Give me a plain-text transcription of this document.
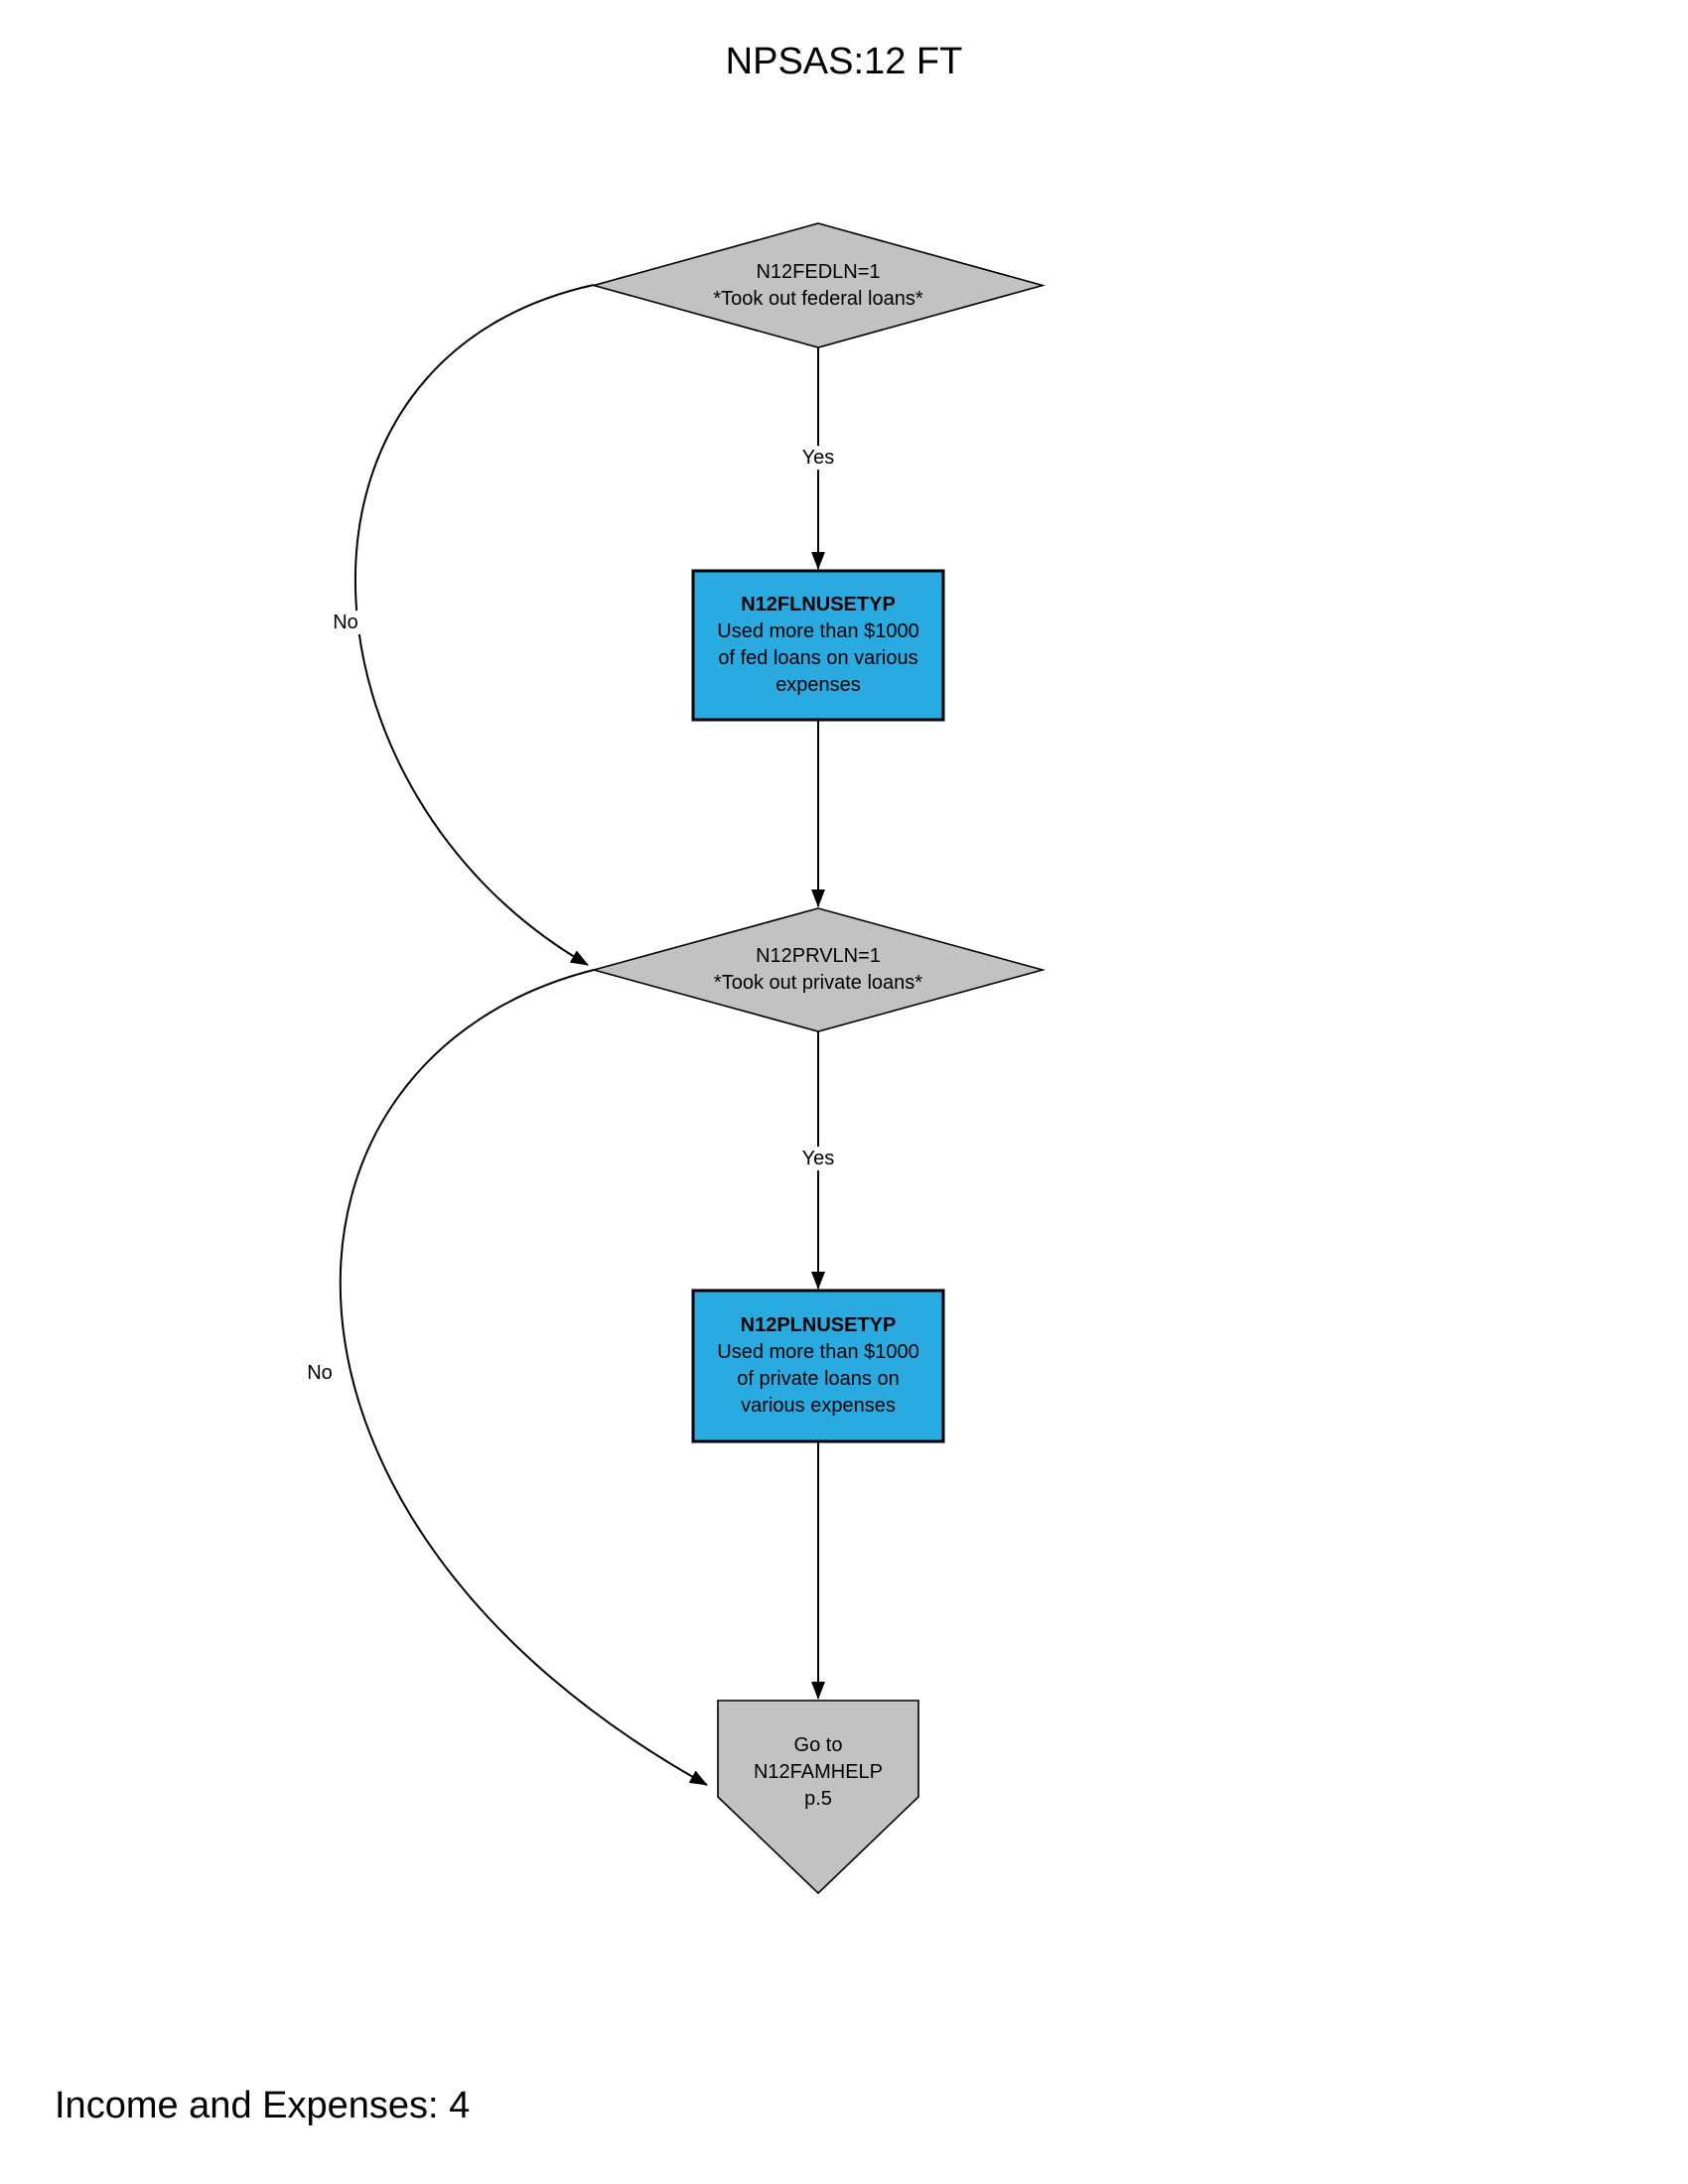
NPSAS:12 FT
N12FEDLN=1
*Took out federal loans*
N12FLNUSETYP
Used more than $1000
of fed loans on various
expenses
N12PRVLN=1
*Took out private loans*
N12PLNUSETYP
Used more than $1000
of private loans on
various expenses
Go to
N12FAMHELP
p.5
Yes
No
Yes
No
Income and Expenses: 4
